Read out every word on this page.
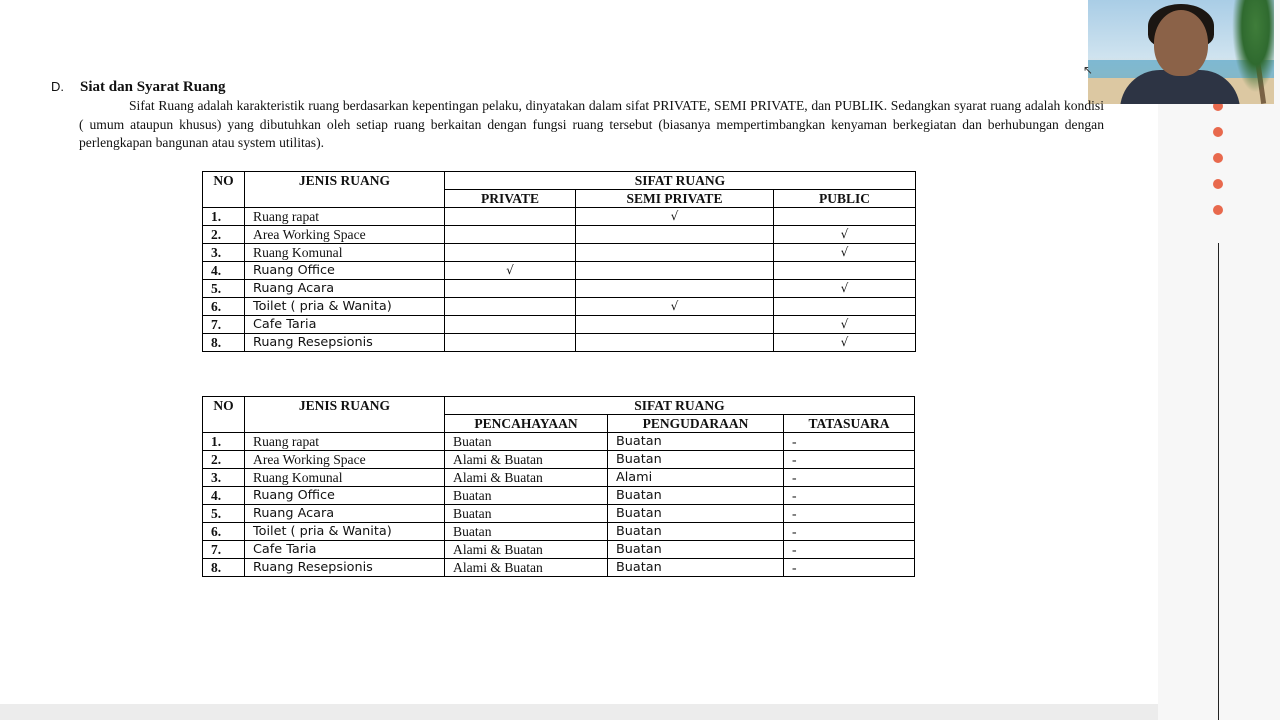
↖
D. Siat dan Syarat Ruang
Sifat Ruang adalah karakteristik ruang berdasarkan kepentingan pelaku, dinyatakan dalam sifat PRIVATE, SEMI PRIVATE, dan PUBLIK. Sedangkan syarat ruang adalah kondisi ( umum ataupun khusus) yang dibutuhkan oleh setiap ruang berkaitan dengan fungsi ruang tersebut (biasanya mempertimbangkan kenyaman berkegiatan dan berhubungan dengan perlengkapan bangunan atau system utilitas).
NO	JENIS RUANG	SIFAT RUANG		
		PRIVATE	SEMI PRIVATE	PUBLIC
1.	Ruang rapat		√	
2.	Area Working Space			√
3.	Ruang Komunal			√
4.	Ruang Office	√		
5.	Ruang Acara			√
6.	Toilet ( pria & Wanita)		√	
7.	Cafe Taria			√
8.	Ruang Resepsionis			√
NO	JENIS RUANG	SIFAT RUANG		
		PENCAHAYAAN	PENGUDARAAN	TATASUARA
1.	Ruang rapat	Buatan	Buatan	-
2.	Area Working Space	Alami & Buatan	Buatan	-
3.	Ruang Komunal	Alami & Buatan	Alami	-
4.	Ruang Office	Buatan	Buatan	-
5.	Ruang Acara	Buatan	Buatan	-
6.	Toilet ( pria & Wanita)	Buatan	Buatan	-
7.	Cafe Taria	Alami & Buatan	Buatan	-
8.	Ruang Resepsionis	Alami & Buatan	Buatan	-
